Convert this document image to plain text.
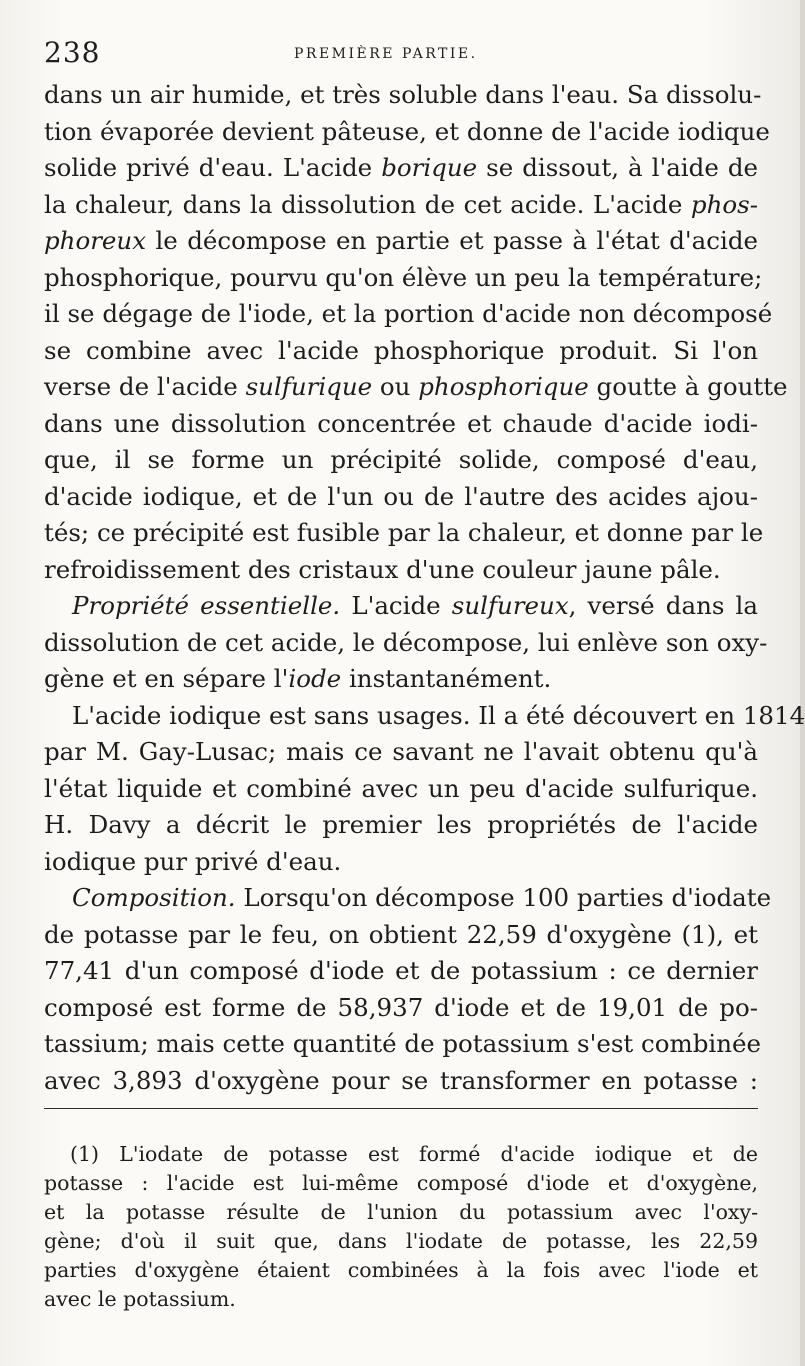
238	PREMIÈRE PARTIE.
dans un air humide, et très soluble dans l'eau. Sa dissolu-
tion évaporée devient pâteuse, et donne de l'acide iodique
solide privé d'eau. L'acide borique se dissout, à l'aide de
la chaleur, dans la dissolution de cet acide. L'acide phos-
phoreux le décompose en partie et passe à l'état d'acide
phosphorique, pourvu qu'on élève un peu la température;
il se dégage de l'iode, et la portion d'acide non décomposé
se combine avec l'acide phosphorique produit. Si l'on
verse de l'acide sulfurique ou phosphorique goutte à goutte
dans une dissolution concentrée et chaude d'acide iodi-
que, il se forme un précipité solide, composé d'eau,
d'acide iodique, et de l'un ou de l'autre des acides ajou-
tés; ce précipité est fusible par la chaleur, et donne par le
refroidissement des cristaux d'une couleur jaune pâle.
Propriété essentielle. L'acide sulfureux, versé dans la
dissolution de cet acide, le décompose, lui enlève son oxy-
gène et en sépare l'iode instantanément.
L'acide iodique est sans usages. Il a été découvert en 1814
par M. Gay-Lusac; mais ce savant ne l'avait obtenu qu'à
l'état liquide et combiné avec un peu d'acide sulfurique.
H. Davy a décrit le premier les propriétés de l'acide
iodique pur privé d'eau.
Composition. Lorsqu'on décompose 100 parties d'iodate
de potasse par le feu, on obtient 22,59 d'oxygène (1), et
77,41 d'un composé d'iode et de potassium : ce dernier
composé est forme de 58,937 d'iode et de 19,01 de po-
tassium; mais cette quantité de potassium s'est combinée
avec 3,893 d'oxygène pour se transformer en potasse :
(1) L'iodate de potasse est formé d'acide iodique et de
potasse : l'acide est lui-même composé d'iode et d'oxygène,
et la potasse résulte de l'union du potassium avec l'oxy-
gène; d'où il suit que, dans l'iodate de potasse, les 22,59
parties d'oxygène étaient combinées à la fois avec l'iode et
avec le potassium.
